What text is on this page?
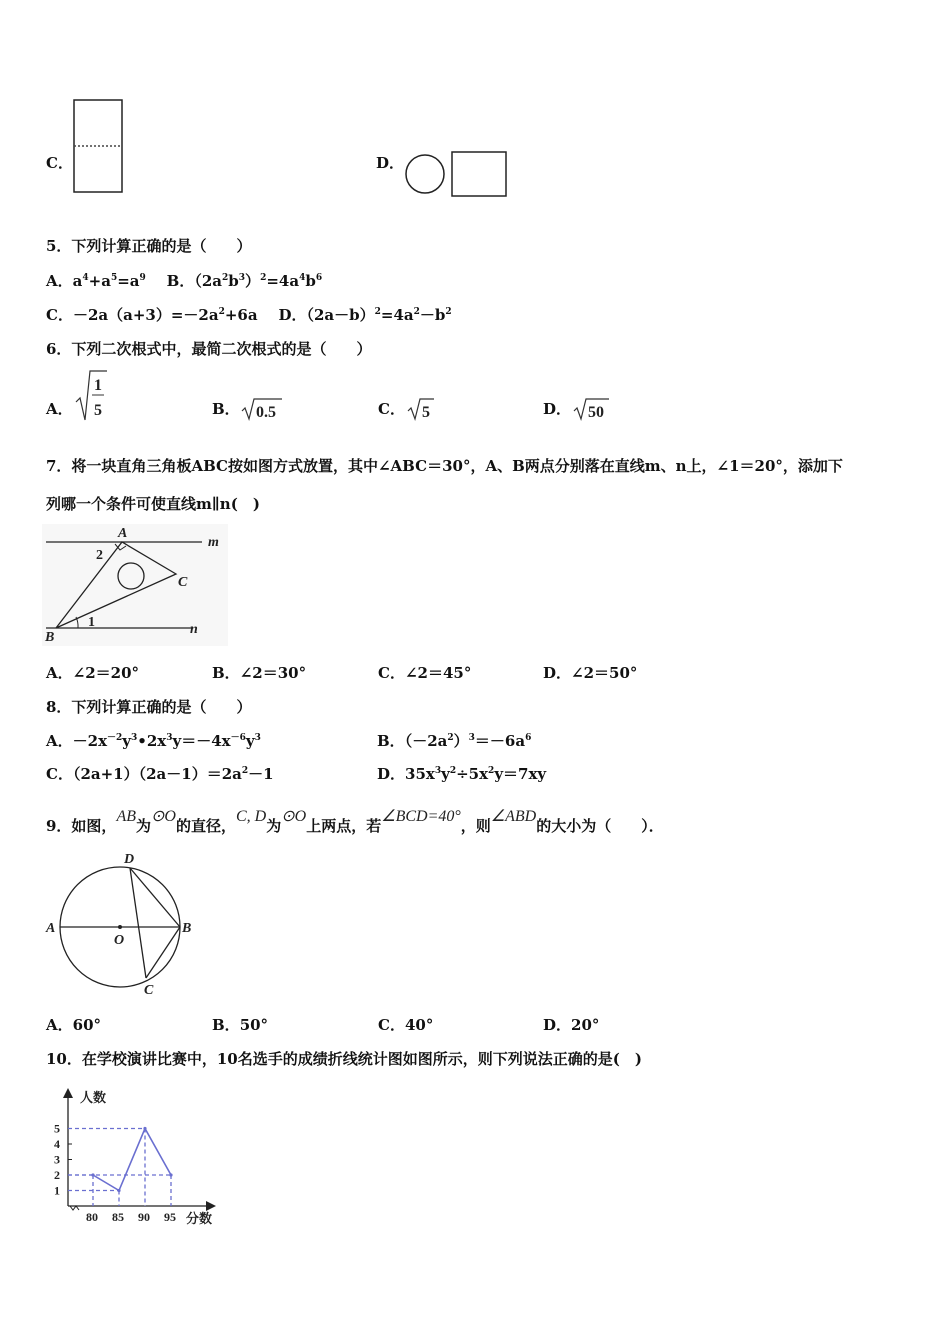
C．	D．
5．下列计算正确的是（　　）
A．$a^4+a^5=a^9$ B．$(2a^2b^3)^2=4a^4b^6$
C．$-2a(a+3)=-2a^2+6a$ D．$(2a-b)^2=4a^2-b^2$
6．下列二次根式中，最简二次根式的是（　　）
A．
1
5	B． 0.5	C． 5	D． 50
7．将一块直角三角板ABC按如图方式放置，其中∠ABC＝30°，A、B两点分别落在直线m、n上，∠1＝20°，添加下
列哪一个条件可使直线m∥n(　)
A
B
C
m
n
1
2
A．∠2＝20°	B．∠2＝30°	C．∠2＝45°	D．∠2＝50°
8．下列计算正确的是（　　）
A．$-2x^{-2}y^3•2x^3y=-4x^{-6}y^3$	B．$(-2a^2)^3=-6a^6$
C．$(2a+1)(2a-1)=2a^2-1$	D．$35x^3y^2\div 5x^2y=7xy$
9．如图，AB为⊙O的直径，C, D为⊙O上两点，若∠BCD=40°，则∠ABD的大小为（　　）．
A	B
C
D
O
A．60°	B．50°	C．40°	D．20°
10．在学校演讲比赛中，10名选手的成绩折线统计图如图所示，则下列说法正确的是(　)
人数
分数
1
2
3
4
5
80 85 90 95
